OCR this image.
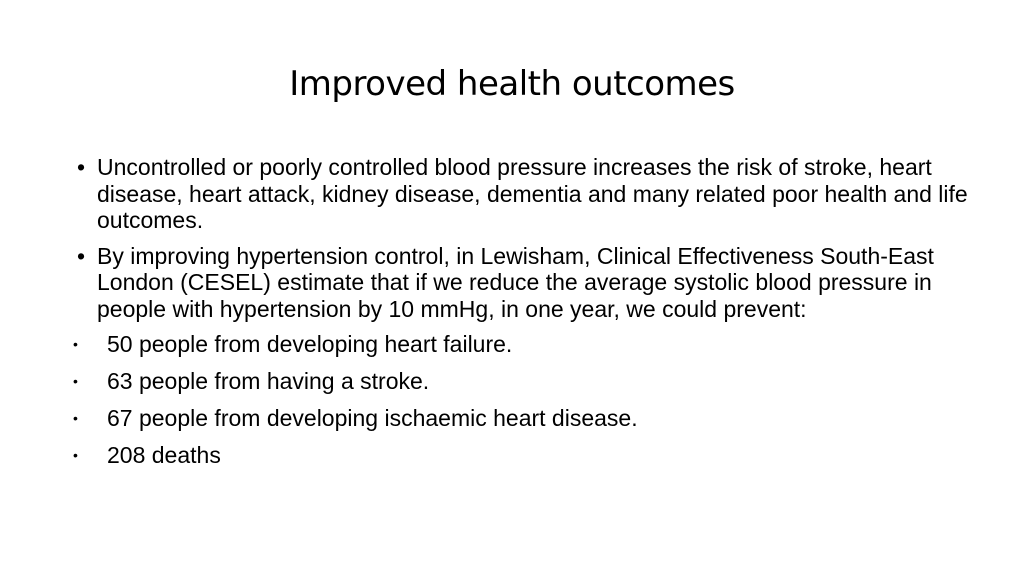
Improved health outcomes
• Uncontrolled or poorly controlled blood pressure increases the risk of stroke, heart disease, heart attack, kidney disease, dementia and many related poor health and life outcomes.
• By improving hypertension control, in Lewisham, Clinical Effectiveness South-East London (CESEL) estimate that if we reduce the average systolic blood pressure in people with hypertension by 10 mmHg, in one year, we could prevent:
• 50 people from developing heart failure.
• 63 people from having a stroke.
• 67 people from developing ischaemic heart disease.
• 208 deaths
